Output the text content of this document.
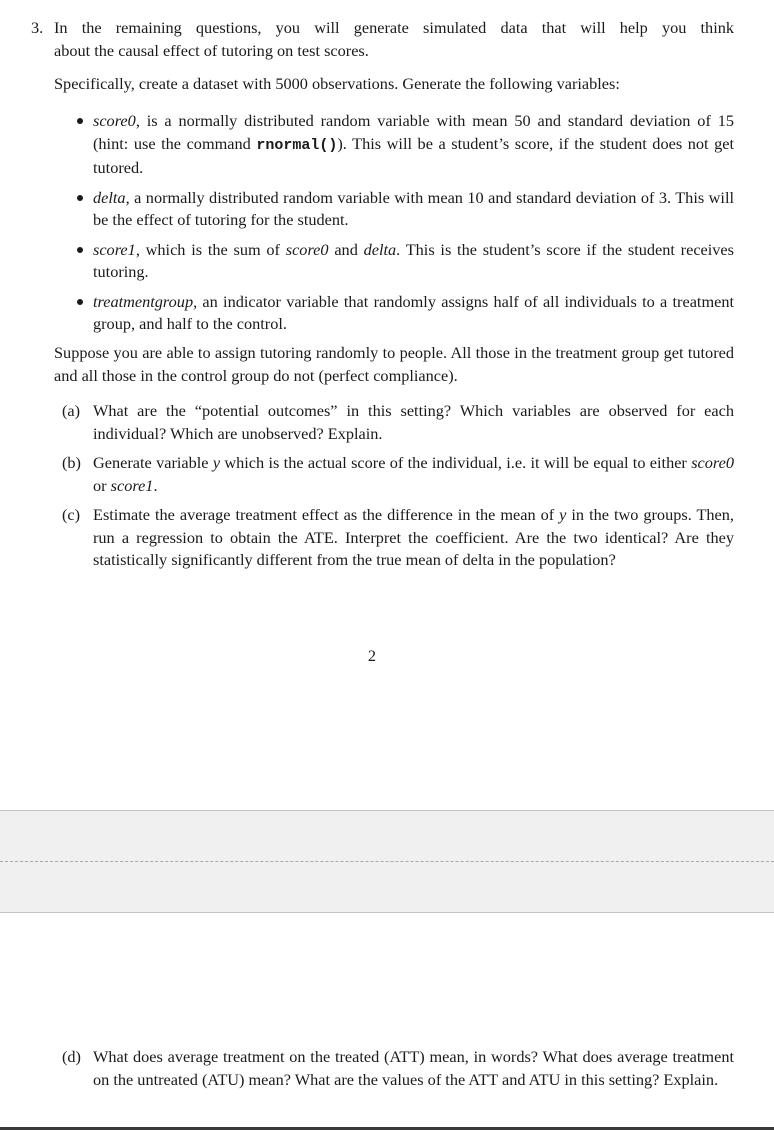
3. In the remaining questions, you will generate simulated data that will help you think
about the causal effect of tutoring on test scores.
Specifically, create a dataset with 5000 observations. Generate the following variables:
score0, is a normally distributed random variable with mean 50 and standard deviation of 15 (hint: use the command rnormal()). This will be a student’s score, if the student does not get tutored.
delta, a normally distributed random variable with mean 10 and standard deviation of 3. This will be the effect of tutoring for the student.
score1, which is the sum of score0 and delta. This is the student’s score if the student receives tutoring.
treatmentgroup, an indicator variable that randomly assigns half of all individuals to a treatment group, and half to the control.
Suppose you are able to assign tutoring randomly to people. All those in the treatment group get tutored and all those in the control group do not (perfect compliance).
(a) What are the “potential outcomes” in this setting? Which variables are observed for each individual? Which are unobserved? Explain.
(b) Generate variable y which is the actual score of the individual, i.e. it will be equal to either score0 or score1.
(c) Estimate the average treatment effect as the difference in the mean of y in the two groups. Then, run a regression to obtain the ATE. Interpret the coefficient. Are the two identical? Are they statistically significantly different from the true mean of delta in the population?
2
(d) What does average treatment on the treated (ATT) mean, in words? What does average treatment on the untreated (ATU) mean? What are the values of the ATT and ATU in this setting? Explain.
